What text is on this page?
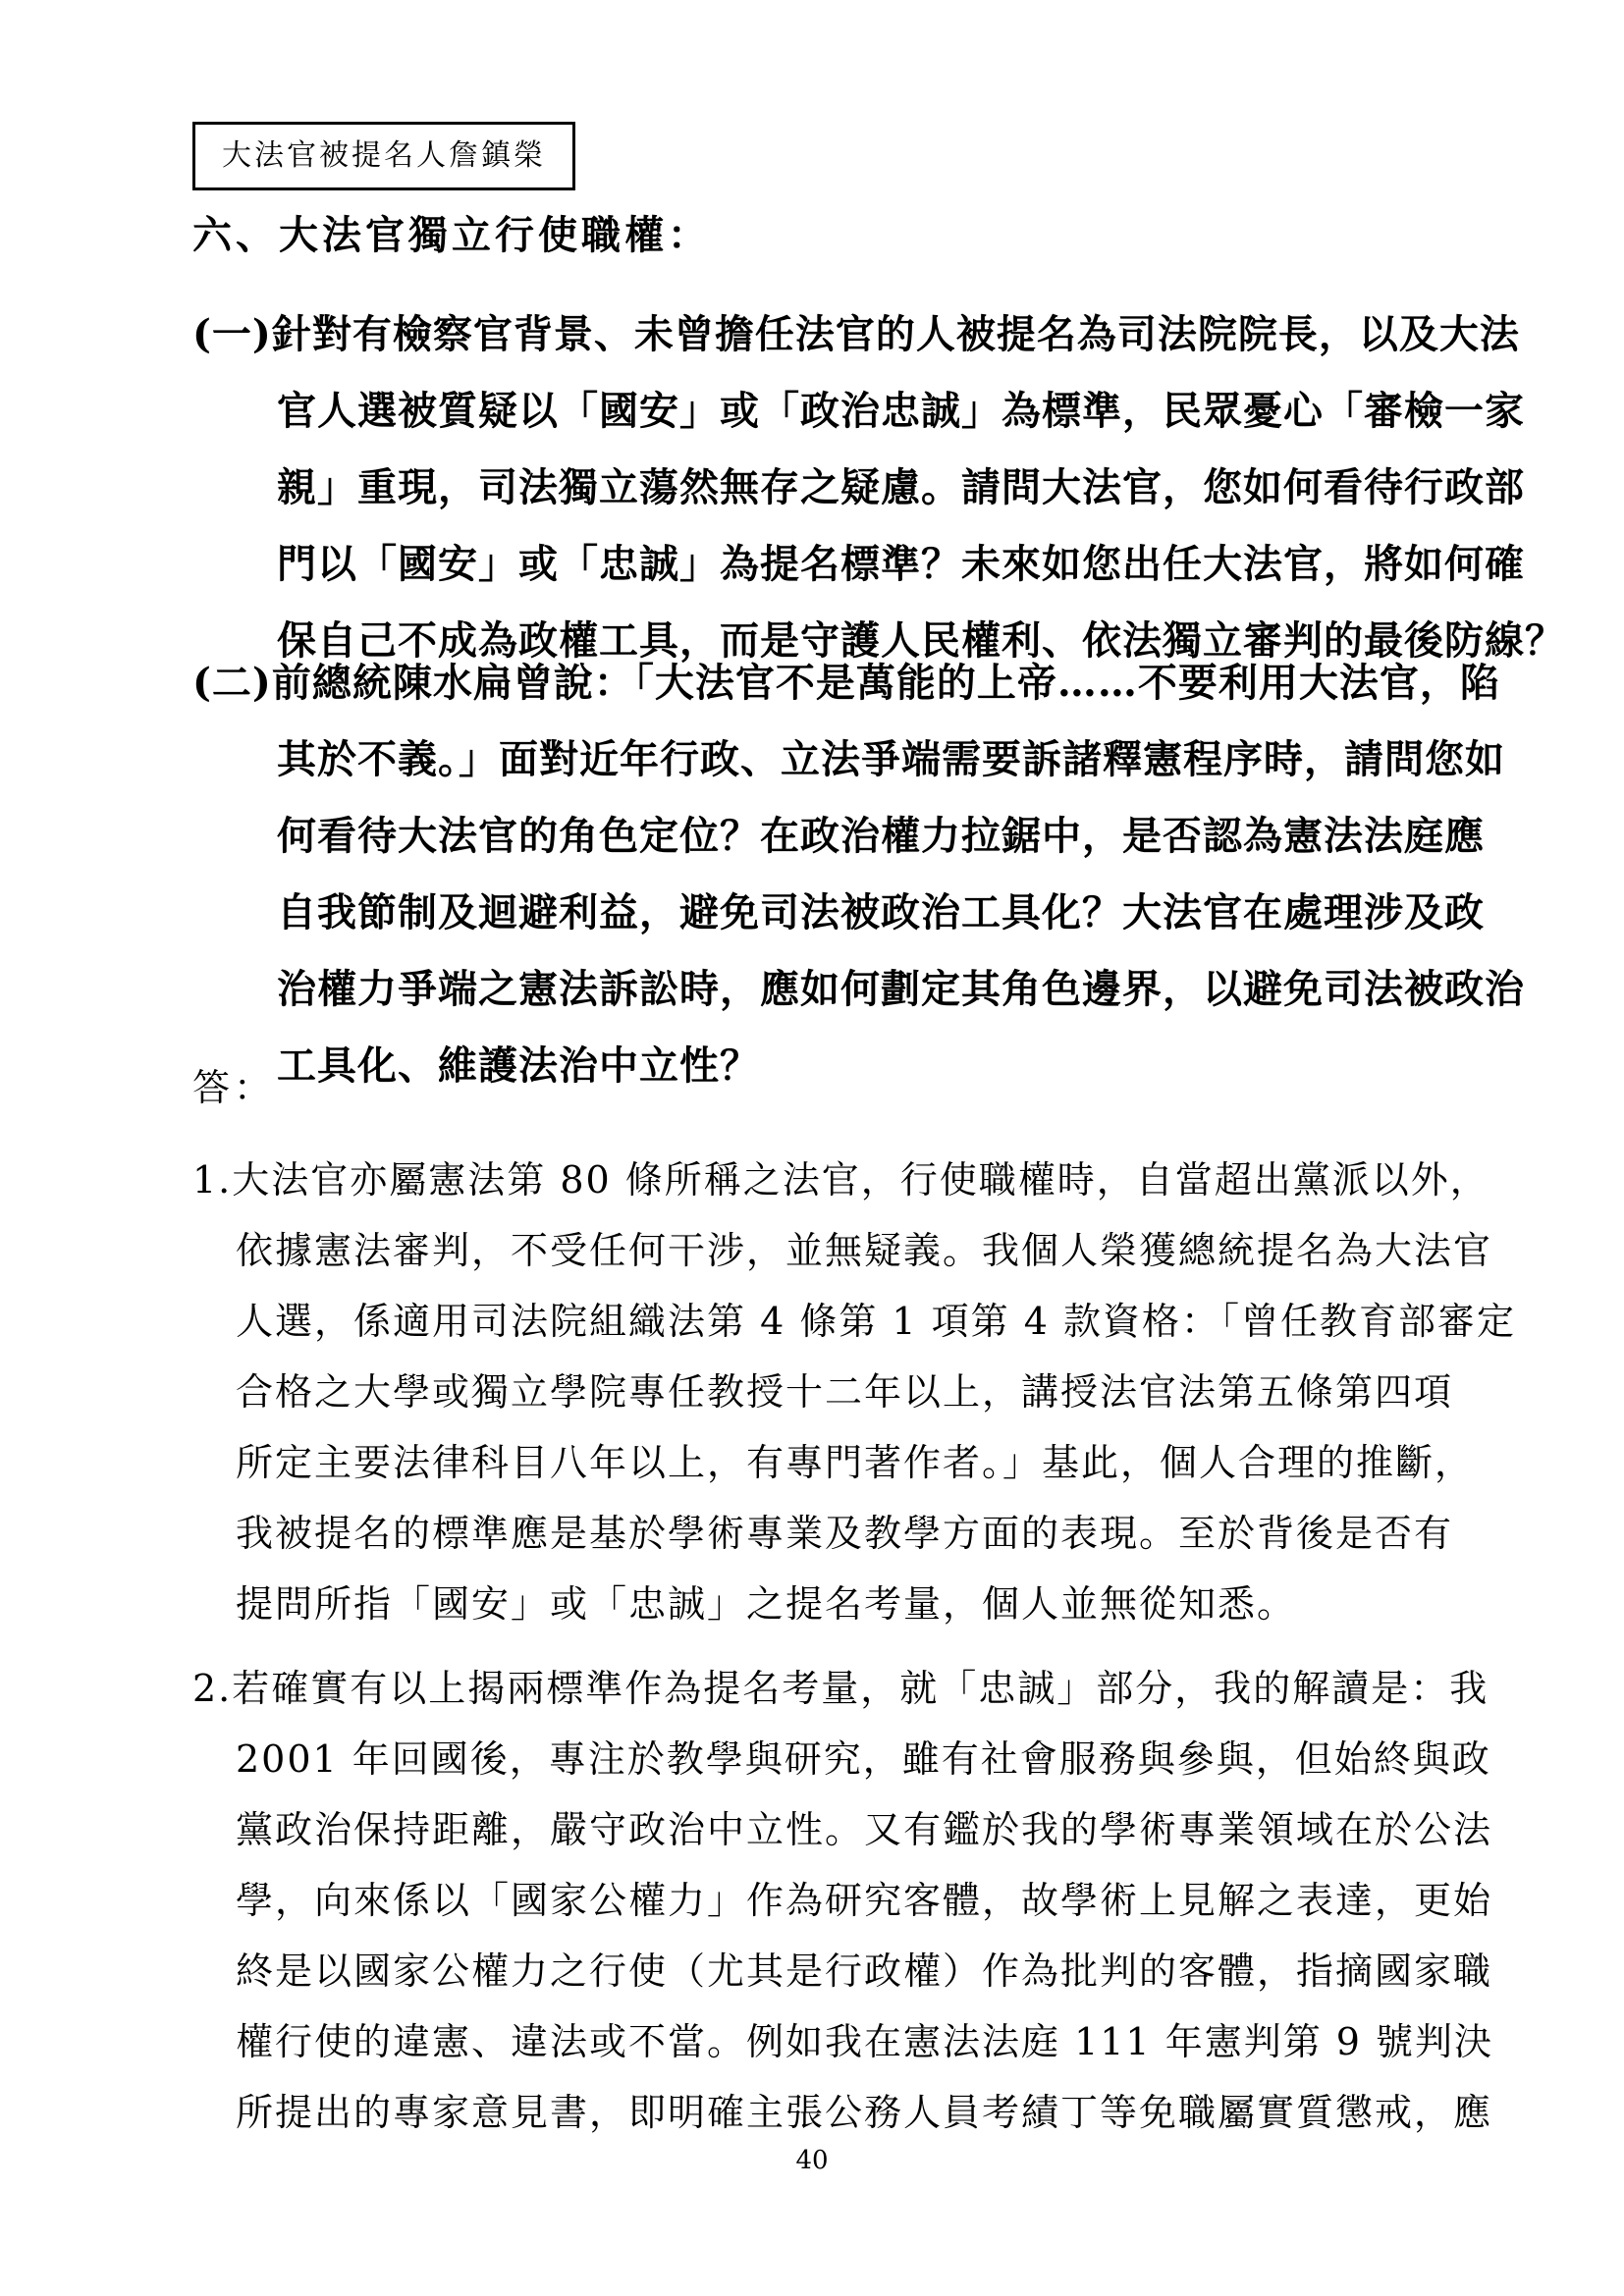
大法官被提名人詹鎮榮
六、大法官獨立行使職權：
(一)針對有檢察官背景、未曾擔任法官的人被提名為司法院院長，以及大法
官人選被質疑以「國安」或「政治忠誠」為標準，民眾憂心「審檢一家
親」重現，司法獨立蕩然無存之疑慮。請問大法官，您如何看待行政部
門以「國安」或「忠誠」為提名標準？未來如您出任大法官，將如何確
保自己不成為政權工具，而是守護人民權利、依法獨立審判的最後防線？
(二)前總統陳水扁曾說：「大法官不是萬能的上帝……不要利用大法官，陷
其於不義。」面對近年行政、立法爭端需要訴諸釋憲程序時，請問您如
何看待大法官的角色定位？在政治權力拉鋸中，是否認為憲法法庭應
自我節制及迴避利益，避免司法被政治工具化？大法官在處理涉及政
治權力爭端之憲法訴訟時，應如何劃定其角色邊界，以避免司法被政治
工具化、維護法治中立性？
答：
1.大法官亦屬憲法第 80 條所稱之法官，行使職權時，自當超出黨派以外，
依據憲法審判，不受任何干涉，並無疑義。我個人榮獲總統提名為大法官
人選，係適用司法院組織法第 4 條第 1 項第 4 款資格：「曾任教育部審定
合格之大學或獨立學院專任教授十二年以上，講授法官法第五條第四項
所定主要法律科目八年以上，有專門著作者。」基此，個人合理的推斷，
我被提名的標準應是基於學術專業及教學方面的表現。至於背後是否有
提問所指「國安」或「忠誠」之提名考量，個人並無從知悉。
2.若確實有以上揭兩標準作為提名考量，就「忠誠」部分，我的解讀是：我
2001 年回國後，專注於教學與研究，雖有社會服務與參與，但始終與政
黨政治保持距離，嚴守政治中立性。又有鑑於我的學術專業領域在於公法
學，向來係以「國家公權力」作為研究客體，故學術上見解之表達，更始
終是以國家公權力之行使（尤其是行政權）作為批判的客體，指摘國家職
權行使的違憲、違法或不當。例如我在憲法法庭 111 年憲判第 9 號判決
所提出的專家意見書，即明確主張公務人員考績丁等免職屬實質懲戒，應
40
